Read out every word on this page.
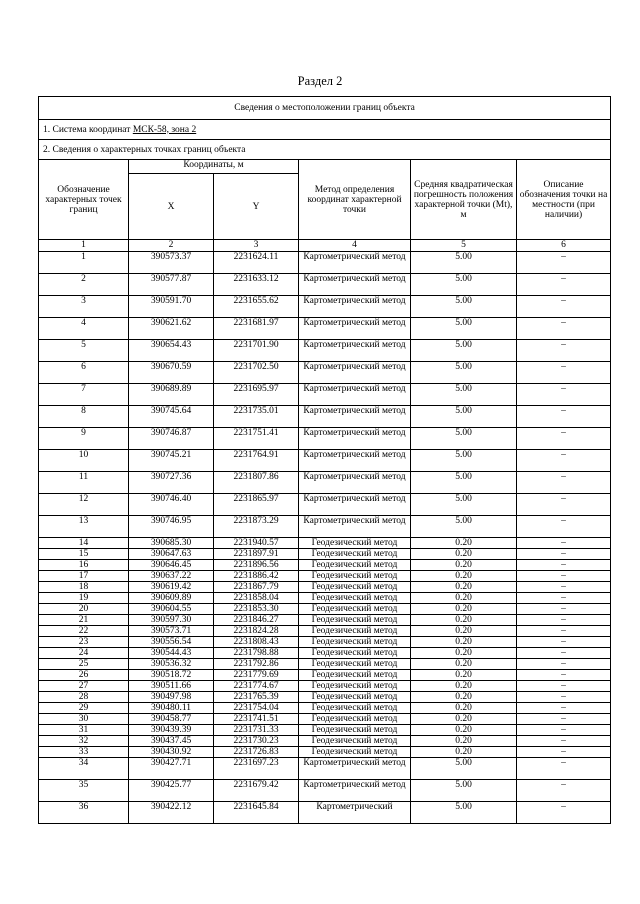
Раздел 2
Сведения о местоположении границ объекта					
1. Система координат МСК-58, зона 2					
2. Сведения о характерных точках границ объекта					
Обозначение характерных точек границ	Координаты, м		Метод определения координат характерной точки	Средняя квадратическая погрешность положения характерной точки (Mt), м	Описание обозначения точки на местности (при наличии)
	X	Y			
1	2	3	4	5	6
1	390573.37	2231624.11	Картометрический метод	5.00	–
2	390577.87	2231633.12	Картометрический метод	5.00	–
3	390591.70	2231655.62	Картометрический метод	5.00	–
4	390621.62	2231681.97	Картометрический метод	5.00	–
5	390654.43	2231701.90	Картометрический метод	5.00	–
6	390670.59	2231702.50	Картометрический метод	5.00	–
7	390689.89	2231695.97	Картометрический метод	5.00	–
8	390745.64	2231735.01	Картометрический метод	5.00	–
9	390746.87	2231751.41	Картометрический метод	5.00	–
10	390745.21	2231764.91	Картометрический метод	5.00	–
11	390727.36	2231807.86	Картометрический метод	5.00	–
12	390746.40	2231865.97	Картометрический метод	5.00	–
13	390746.95	2231873.29	Картометрический метод	5.00	–
14	390685.30	2231940.57	Геодезический метод	0.20	–
15	390647.63	2231897.91	Геодезический метод	0.20	–
16	390646.45	2231896.56	Геодезический метод	0.20	–
17	390637.22	2231886.42	Геодезический метод	0.20	–
18	390619.42	2231867.79	Геодезический метод	0.20	–
19	390609.89	2231858.04	Геодезический метод	0.20	–
20	390604.55	2231853.30	Геодезический метод	0.20	–
21	390597.30	2231846.27	Геодезический метод	0.20	–
22	390573.71	2231824.28	Геодезический метод	0.20	–
23	390556.54	2231808.43	Геодезический метод	0.20	–
24	390544.43	2231798.88	Геодезический метод	0.20	–
25	390536.32	2231792.86	Геодезический метод	0.20	–
26	390518.72	2231779.69	Геодезический метод	0.20	–
27	390511.66	2231774.67	Геодезический метод	0.20	–
28	390497.98	2231765.39	Геодезический метод	0.20	–
29	390480.11	2231754.04	Геодезический метод	0.20	–
30	390458.77	2231741.51	Геодезический метод	0.20	–
31	390439.39	2231731.33	Геодезический метод	0.20	–
32	390437.45	2231730.23	Геодезический метод	0.20	–
33	390430.92	2231726.83	Геодезический метод	0.20	–
34	390427.71	2231697.23	Картометрический метод	5.00	–
35	390425.77	2231679.42	Картометрический метод	5.00	–
36	390422.12	2231645.84	Картометрический	5.00	–
